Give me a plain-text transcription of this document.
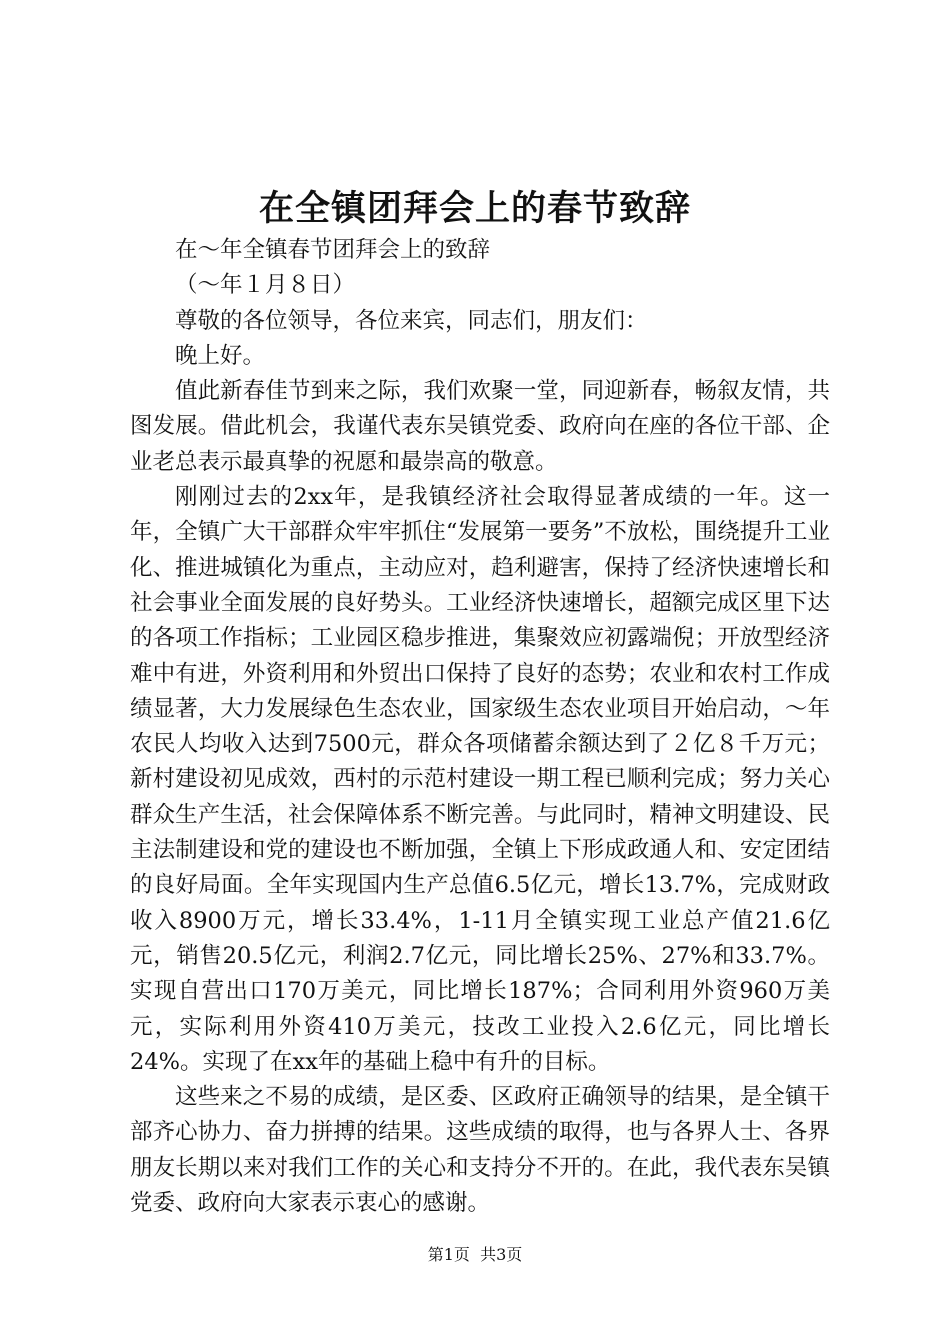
在全镇团拜会上的春节致辞

在～年全镇春节团拜会上的致辞

（～年１月８日）

尊敬的各位领导，各位来宾，同志们，朋友们：

晚上好。

值此新春佳节到来之际，我们欢聚一堂，同迎新春，畅叙友情，共图发展。借此机会，我谨代表东吴镇党委、政府向在座的各位干部、企业老总表示最真挚的祝愿和最崇高的敬意。

刚刚过去的2xx年，是我镇经济社会取得显著成绩的一年。这一年，全镇广大干部群众牢牢抓住“发展第一要务”不放松，围绕提升工业化、推进城镇化为重点，主动应对，趋利避害，保持了经济快速增长和社会事业全面发展的良好势头。工业经济快速增长，超额完成区里下达的各项工作指标；工业园区稳步推进，集聚效应初露端倪；开放型经济难中有进，外资利用和外贸出口保持了良好的态势；农业和农村工作成绩显著，大力发展绿色生态农业，国家级生态农业项目开始启动，～年农民人均收入达到7500元，群众各项储蓄余额达到了２亿８千万元；新村建设初见成效，西村的示范村建设一期工程已顺利完成；努力关心群众生产生活，社会保障体系不断完善。与此同时，精神文明建设、民主法制建设和党的建设也不断加强，全镇上下形成政通人和、安定团结的良好局面。全年实现国内生产总值6.5亿元，增长13.7%，完成财政收入8900万元，增长33.4%，1-11月全镇实现工业总产值21.6亿元，销售20.5亿元，利润2.7亿元，同比增长25%、27%和33.7%。实现自营出口170万美元，同比增长187%；合同利用外资960万美元，实际利用外资410万美元，技改工业投入2.6亿元，同比增长24%。实现了在xx年的基础上稳中有升的目标。

这些来之不易的成绩，是区委、区政府正确领导的结果，是全镇干部齐心协力、奋力拼搏的结果。这些成绩的取得，也与各界人士、各界朋友长期以来对我们工作的关心和支持分不开的。在此，我代表东吴镇党委、政府向大家表示衷心的感谢。

第1页 共3页
